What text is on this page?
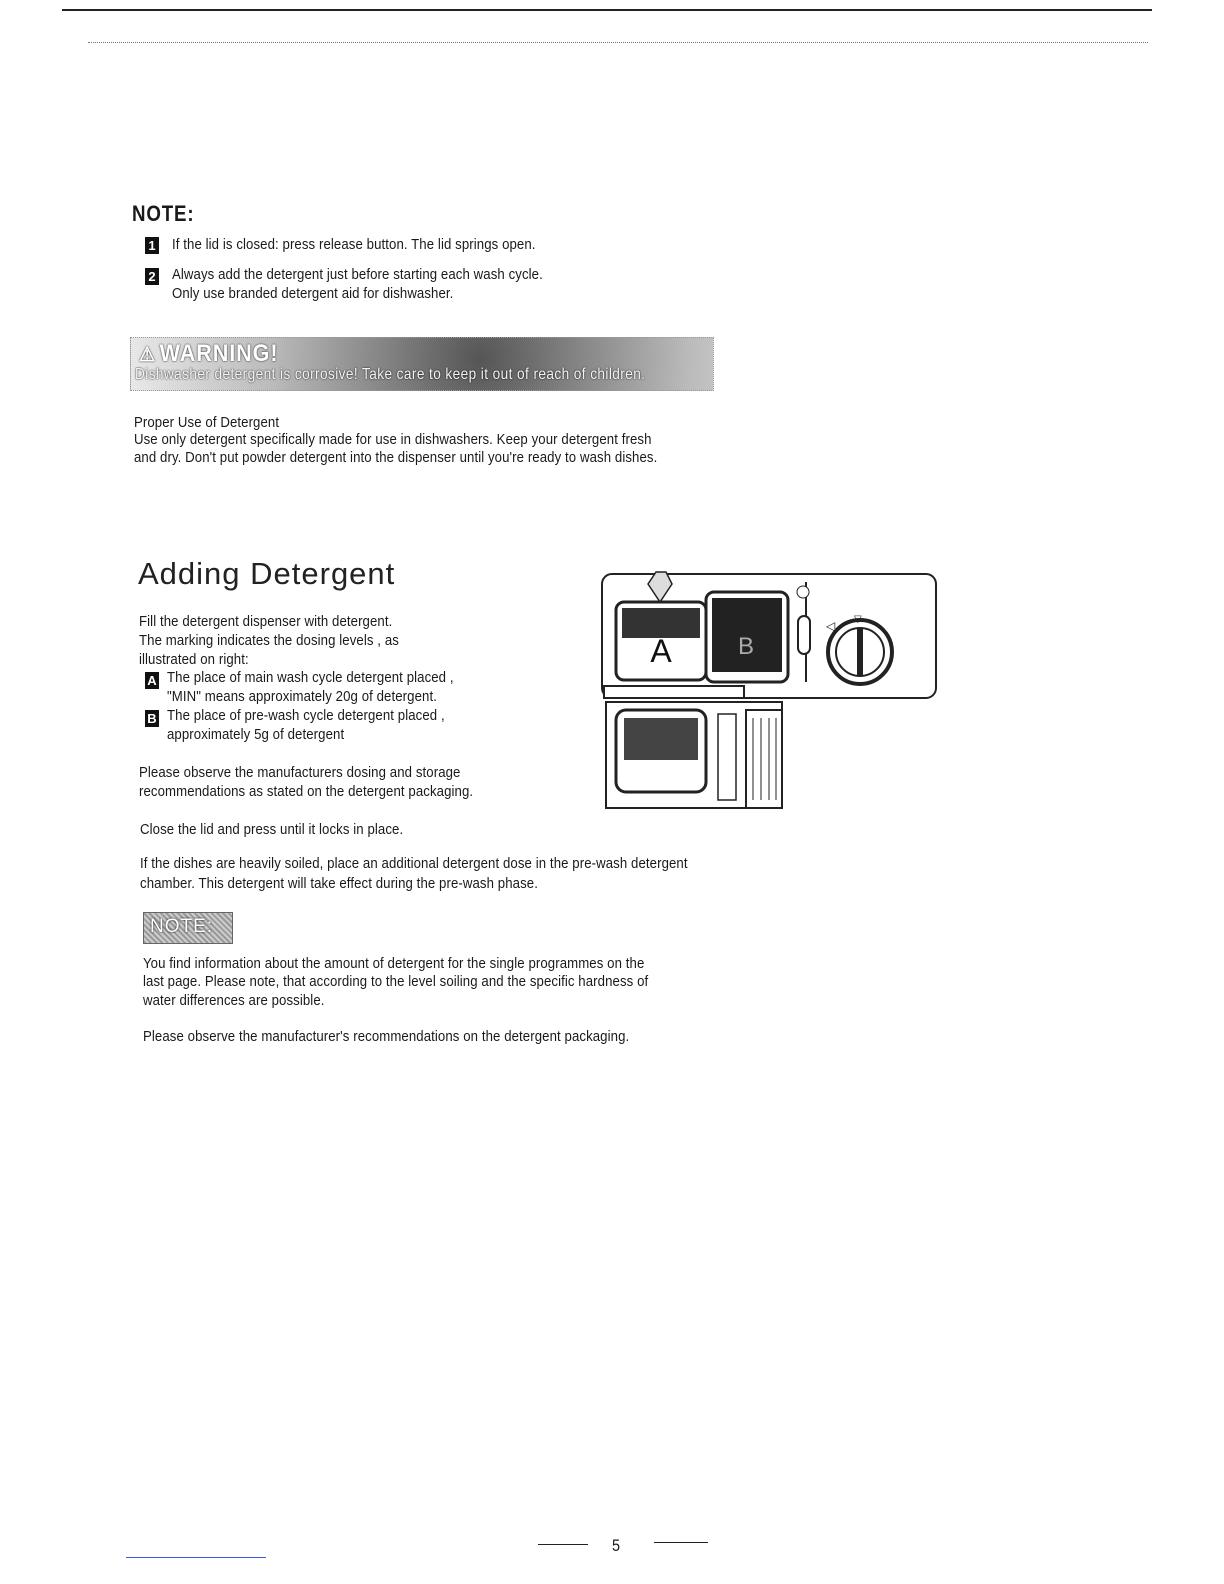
NOTE:
1 If the lid is closed: press release button. The lid springs open.
2 Always add the detergent just before starting each wash cycle.
Only use branded detergent aid for dishwasher.
⚠ WARNING!
Dishwasher detergent is corrosive! Take care to keep it out of reach of children.
Proper Use of Detergent
Use only detergent specifically made for use in dishwashers. Keep your detergent fresh
and dry. Don't put powder detergent into the dispenser until you're ready to wash dishes.
Adding Detergent
Fill the detergent dispenser with detergent.
The marking indicates the dosing levels , as
illustrated on right:
A The place of main wash cycle detergent placed ,
"MIN" means approximately 20g of detergent.
B The place of pre-wash cycle detergent placed ,
approximately 5g of detergent
Please observe the manufacturers dosing and storage
recommendations as stated on the detergent packaging.
Close the lid and press until it locks in place.
If the dishes are heavily soiled, place an additional detergent dose in the pre-wash detergent
chamber. This detergent will take effect during the pre-wash phase.
A	B
◁ ▽
NOTE:
You find information about the amount of detergent for the single programmes on the
last page. Please note, that according to the level soiling and the specific hardness of
water differences are possible.
Please observe the manufacturer's recommendations on the detergent packaging.
5
